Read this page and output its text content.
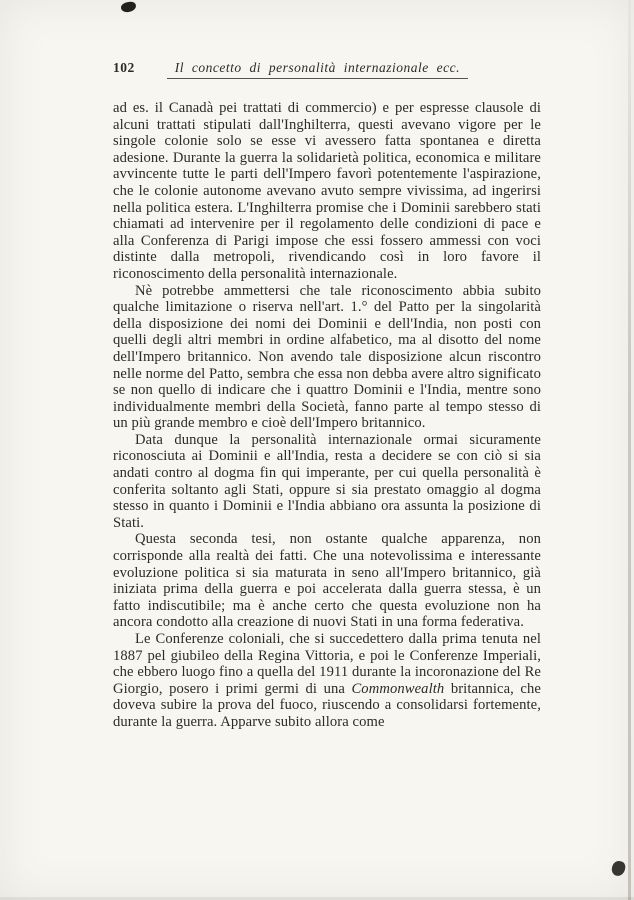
102	Il concetto di personalità internazionale ecc.

ad es. il Canadà pei trattati di commercio) e per espresse clausole di alcuni trattati stipulati dall'Inghilterra, questi avevano vigore per le singole colonie solo se esse vi avessero fatta spontanea e diretta adesione. Durante la guerra la solidarietà politica, economica e militare avvincente tutte le parti dell'Impero favorì potentemente l'aspirazione, che le colonie autonome avevano avuto sempre vivissima, ad ingerirsi nella politica estera. L'Inghilterra promise che i Dominii sarebbero stati chiamati ad intervenire per il regolamento delle condizioni di pace e alla Conferenza di Parigi impose che essi fossero ammessi con voci distinte dalla metropoli, rivendicando così in loro favore il riconoscimento della personalità internazionale.

Nè potrebbe ammettersi che tale riconoscimento abbia subito qualche limitazione o riserva nell'art. 1.° del Patto per la singolarità della disposizione dei nomi dei Dominii e dell'India, non posti con quelli degli altri membri in ordine alfabetico, ma al disotto del nome dell'Impero britannico. Non avendo tale disposizione alcun riscontro nelle norme del Patto, sembra che essa non debba avere altro significato se non quello di indicare che i quattro Dominii e l'India, mentre sono individualmente membri della Società, fanno parte al tempo stesso di un più grande membro e cioè dell'Impero britannico.

Data dunque la personalità internazionale ormai sicuramente riconosciuta ai Dominii e all'India, resta a decidere se con ciò si sia andati contro al dogma fin qui imperante, per cui quella personalità è conferita soltanto agli Stati, oppure si sia prestato omaggio al dogma stesso in quanto i Dominii e l'India abbiano ora assunta la posizione di Stati.

Questa seconda tesi, non ostante qualche apparenza, non corrisponde alla realtà dei fatti. Che una notevolissima e interessante evoluzione politica si sia maturata in seno all'Impero britannico, già iniziata prima della guerra e poi accelerata dalla guerra stessa, è un fatto indiscutibile; ma è anche certo che questa evoluzione non ha ancora condotto alla creazione di nuovi Stati in una forma federativa.

Le Conferenze coloniali, che si succedettero dalla prima tenuta nel 1887 pel giubileo della Regina Vittoria, e poi le Conferenze Imperiali, che ebbero luogo fino a quella del 1911 durante la incoronazione del Re Giorgio, posero i primi germi di una Commonwealth britannica, che doveva subire la prova del fuoco, riuscendo a consolidarsi fortemente, durante la guerra. Apparve subito allora come
